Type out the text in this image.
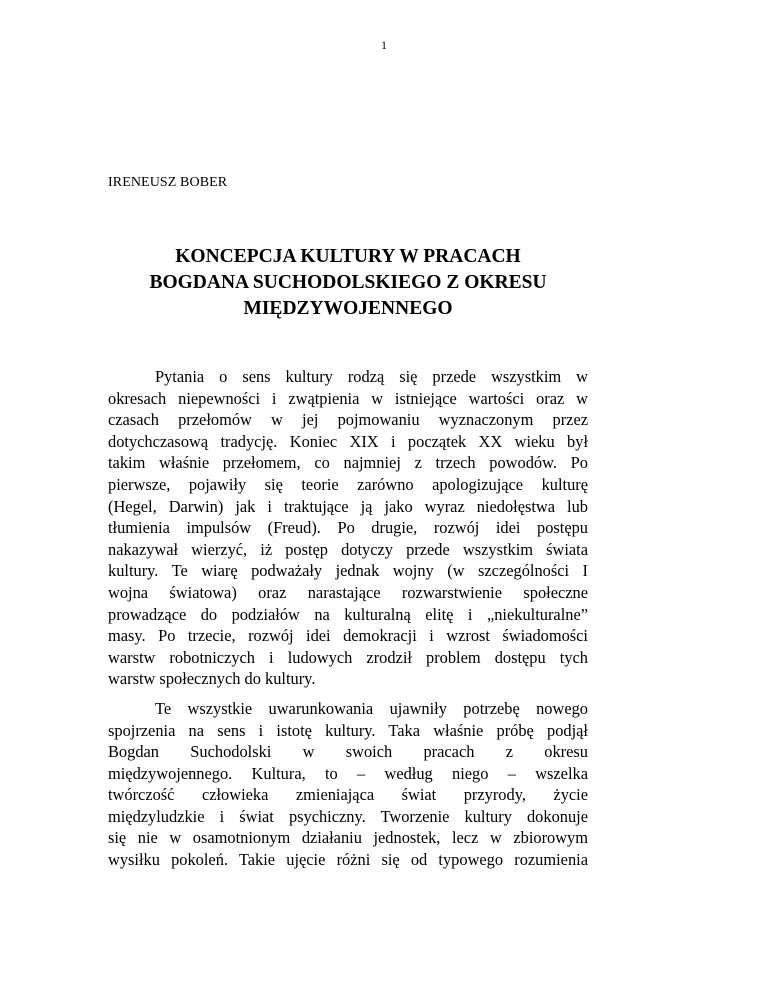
1
IRENEUSZ BOBER
KONCEPCJA KULTURY W PRACACH
BOGDANA SUCHODOLSKIEGO Z OKRESU
MIĘDZYWOJENNEGO
Pytania o sens kultury rodzą się przede wszystkim w
okresach niepewności i zwątpienia w istniejące wartości oraz w
czasach przełomów w jej pojmowaniu wyznaczonym przez
dotychczasową tradycję. Koniec XIX i początek XX wieku był
takim właśnie przełomem, co najmniej z trzech powodów. Po
pierwsze, pojawiły się teorie zarówno apologizujące kulturę
(Hegel, Darwin) jak i traktujące ją jako wyraz niedołęstwa lub
tłumienia impulsów (Freud). Po drugie, rozwój idei postępu
nakazywał wierzyć, iż postęp dotyczy przede wszystkim świata
kultury. Te wiarę podważały jednak wojny (w szczególności I
wojna światowa) oraz narastające rozwarstwienie społeczne
prowadzące do podziałów na kulturalną elitę i „niekulturalne”
masy. Po trzecie, rozwój idei demokracji i wzrost świadomości
warstw robotniczych i ludowych zrodził problem dostępu tych
warstw społecznych do kultury.
Te wszystkie uwarunkowania ujawniły potrzebę nowego
spojrzenia na sens i istotę kultury. Taka właśnie próbę podjął
Bogdan Suchodolski w swoich pracach z okresu
międzywojennego. Kultura, to – według niego – wszelka
twórczość człowieka zmieniająca świat przyrody, życie
międzyludzkie i świat psychiczny. Tworzenie kultury dokonuje
się nie w osamotnionym działaniu jednostek, lecz w zbiorowym
wysiłku pokoleń. Takie ujęcie różni się od typowego rozumienia
